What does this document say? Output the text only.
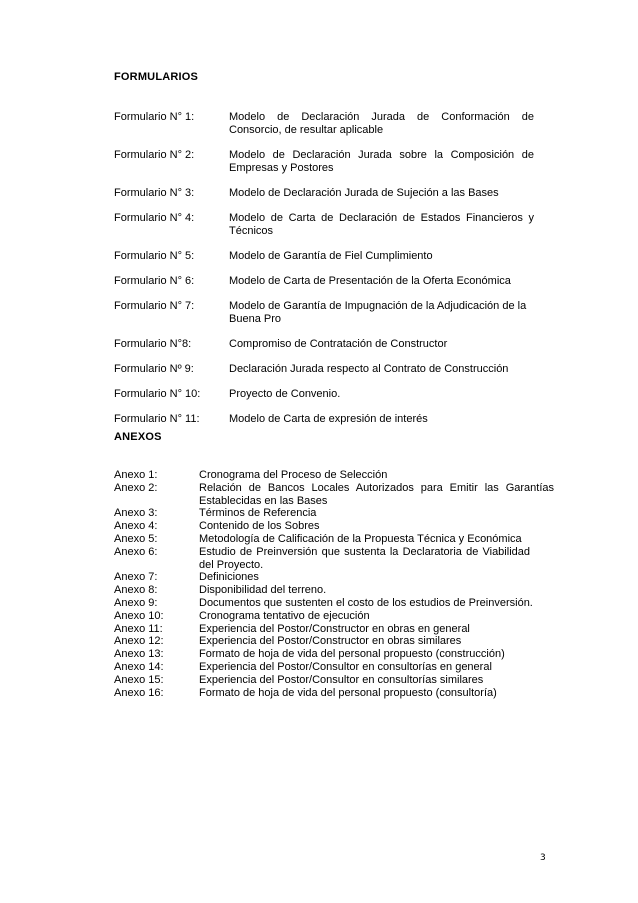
FORMULARIOS
Formulario N° 1:	Modelo de Declaración Jurada de Conformación de Consorcio, de resultar aplicable
Formulario N° 2:	Modelo de Declaración Jurada sobre la Composición de Empresas y Postores
Formulario N° 3:	Modelo de Declaración Jurada de Sujeción a las Bases
Formulario N° 4:	Modelo de Carta de Declaración de Estados Financieros y Técnicos
Formulario N° 5:	Modelo de Garantía de Fiel Cumplimiento
Formulario N° 6:	Modelo de Carta de Presentación de la Oferta Económica
Formulario N° 7:	Modelo de Garantía de Impugnación de la Adjudicación de la Buena Pro
Formulario N°8:	Compromiso de Contratación de Constructor
Formulario Nº 9:	Declaración Jurada respecto al Contrato de Construcción
Formulario N° 10:	Proyecto de Convenio.
Formulario N° 11:	Modelo de Carta de expresión de interés
ANEXOS
Anexo 1:	Cronograma del Proceso de Selección
Anexo 2:	Relación de Bancos Locales Autorizados para Emitir las Garantías Establecidas en las Bases
Anexo 3:	Términos de Referencia
Anexo 4:	Contenido de los Sobres
Anexo 5:	Metodología de Calificación de la Propuesta Técnica y Económica
Anexo 6:	Estudio de Preinversión que sustenta la Declaratoria de Viabilidad del Proyecto.
Anexo 7:	Definiciones
Anexo 8:	Disponibilidad del terreno.
Anexo 9:	Documentos que sustenten el costo de los estudios de Preinversión.
Anexo 10:	Cronograma tentativo de ejecución
Anexo 11:	Experiencia del Postor/Constructor en obras en general
Anexo 12:	Experiencia del Postor/Constructor en obras similares
Anexo 13:	Formato de hoja de vida del personal propuesto (construcción)
Anexo 14:	Experiencia del Postor/Consultor en consultorías en general
Anexo 15:	Experiencia del Postor/Consultor en consultorías similares
Anexo 16:	Formato de hoja de vida del personal propuesto (consultoría)
3
